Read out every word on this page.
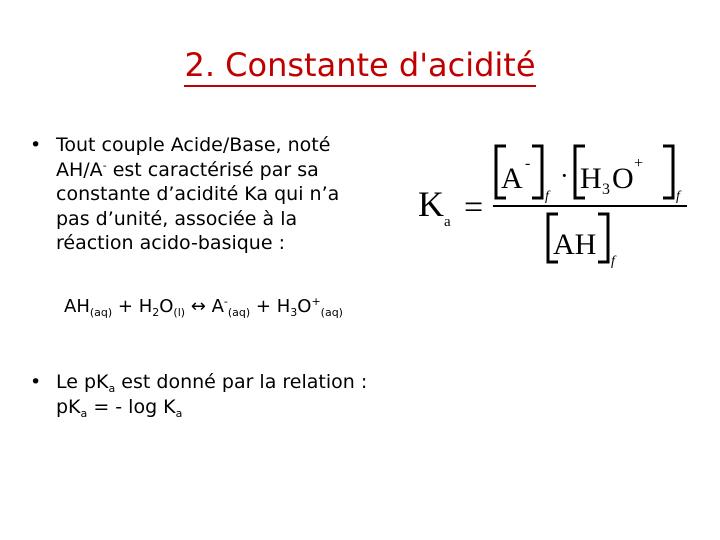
2. Constante d'acidité
• Tout couple Acide/Base, noté
AH/A- est caractérisé par sa
constante d’acidité Ka qui n’a
pas d’unité, associée à la
réaction acido-basique :
$AH_{(aq)} + H_2O_{(l)}$ ↔ $A^-_{(aq)} + H_3O^+_{(aq)}$
K a =
A -
f
· H 3 O +
f
AH
f
• Le $pK_a$ est donné par la relation :
$pK_a$ = - $\log K_a$
